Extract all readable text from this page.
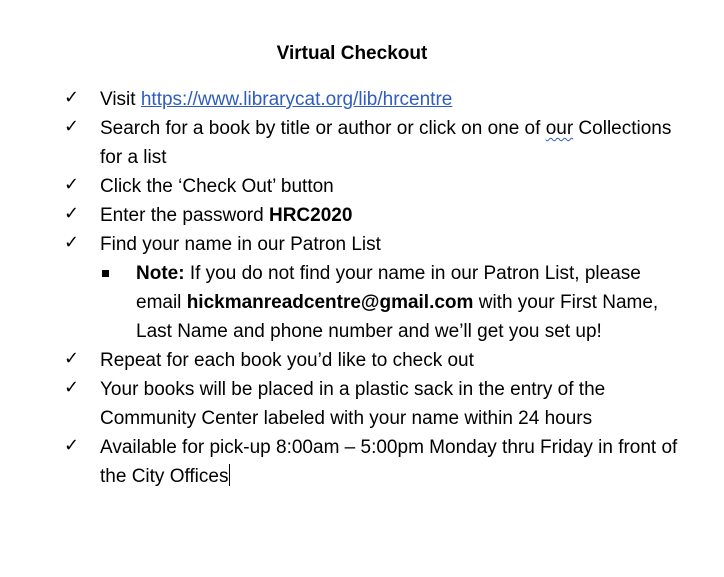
Virtual Checkout
✓ Visit https://www.librarycat.org/lib/hrcentre
✓ Search for a book by title or author or click on one of our Collections for a list
✓ Click the ‘Check Out’ button
✓ Enter the password HRC2020
✓ Find your name in our Patron List
Note: If you do not find your name in our Patron List, please email hickmanreadcentre@gmail.com with your First Name, Last Name and phone number and we’ll get you set up!
✓ Repeat for each book you’d like to check out
✓ Your books will be placed in a plastic sack in the entry of the Community Center labeled with your name within 24 hours
✓ Available for pick-up 8:00am – 5:00pm Monday thru Friday in front of the City Offices
